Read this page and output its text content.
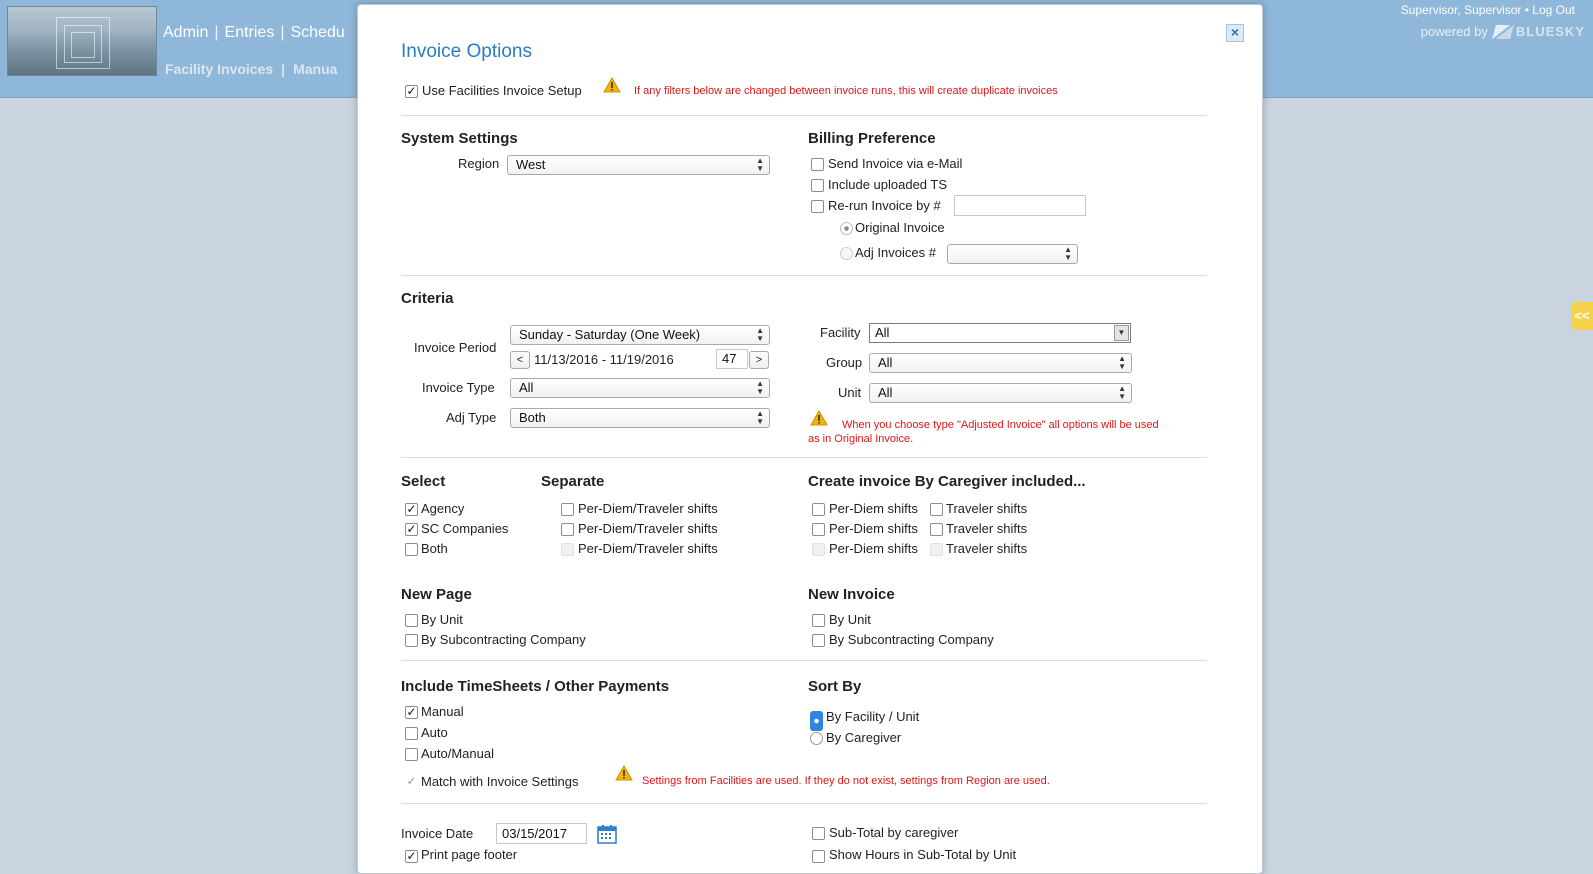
Admin | Entries | Schedu
Facility Invoices | Manua
Supervisor, Supervisor • Log Out
powered by BLUESKY
<<
×
Invoice Options
✓ Use Facilities Invoice Setup	If any filters below are changed between invoice runs, this will create duplicate invoices
System Settings
Region	West	▲
▼
Billing Preference
Send Invoice via e-Mail
Include uploaded TS
Re-run Invoice by #
Original Invoice
Adj Invoices #	▲
▼
Criteria
Invoice Period
Sunday - Saturday (One Week)	▲
▼
< 11/13/2016 - 11/19/2016	47	>
Invoice Type	All	▲
▼
Adj Type	Both	▲
▼
Facility	All	▼
Group	All	▲
▼
Unit	All	▲
▼
When you choose type "Adjusted Invoice" all options will be used
as in Original Invoice.
Select
✓ Agency
✓ SC Companies
Both
Separate
Per-Diem/Traveler shifts
Per-Diem/Traveler shifts
Per-Diem/Traveler shifts
Create invoice By Caregiver included...
Per-Diem shifts Traveler shifts
Per-Diem shifts Traveler shifts
Per-Diem shifts Traveler shifts
New Page
By Unit
By Subcontracting Company
New Invoice
By Unit
By Subcontracting Company
Include TimeSheets / Other Payments
✓ Manual
Auto
Auto/Manual
✓ Match with Invoice Settings	Settings from Facilities are used. If they do not exist, settings from Region are used.
Sort By
By Facility / Unit
By Caregiver
Invoice Date	03/15/2017
✓ Print page footer
Sub-Total by caregiver
Show Hours in Sub-Total by Unit
